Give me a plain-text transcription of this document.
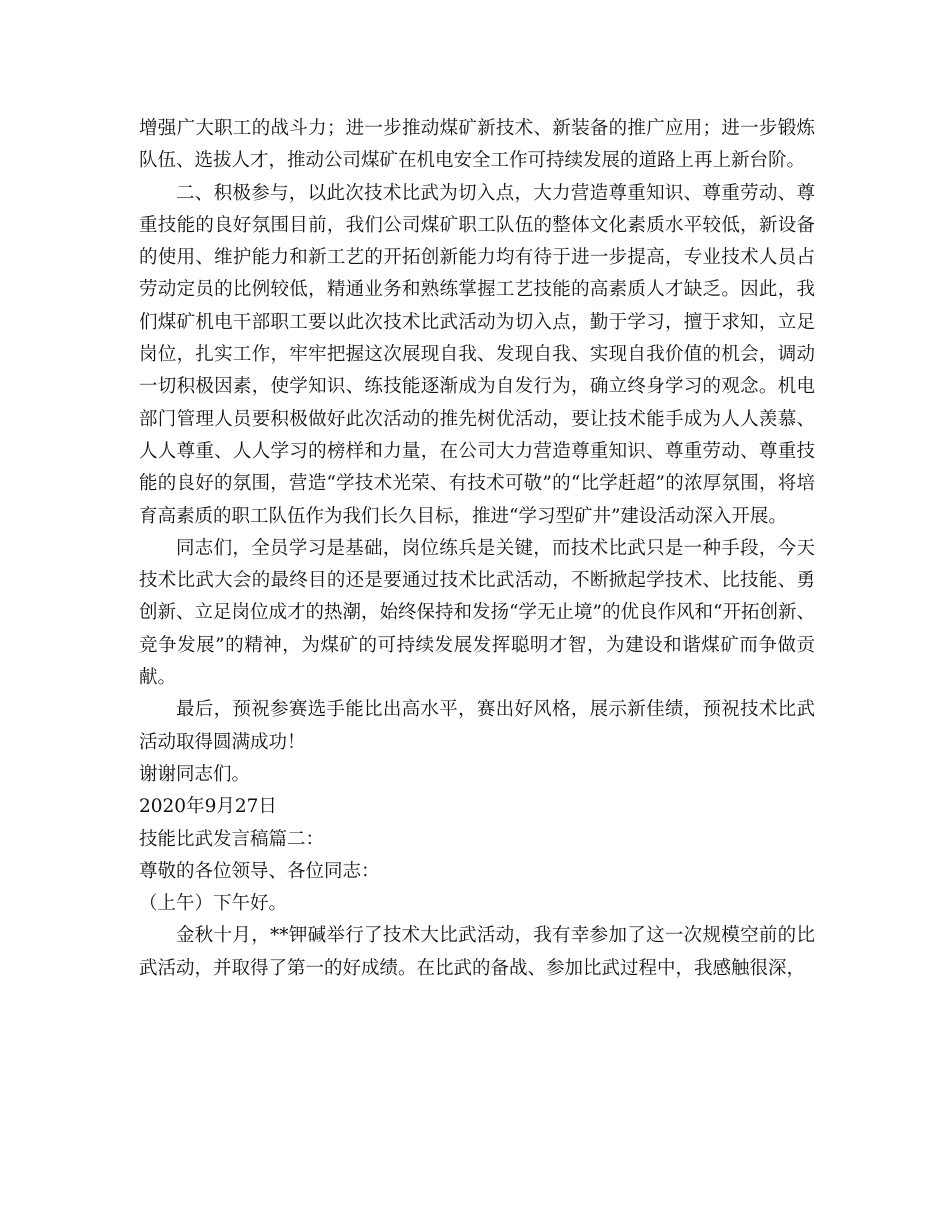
增强广大职工的战斗力；进一步推动煤矿新技术、新装备的推广应用；进一步锻炼队伍、选拔人才，推动公司煤矿在机电安全工作可持续发展的道路上再上新台阶。

二、积极参与，以此次技术比武为切入点，大力营造尊重知识、尊重劳动、尊重技能的良好氛围目前，我们公司煤矿职工队伍的整体文化素质水平较低，新设备的使用、维护能力和新工艺的开拓创新能力均有待于进一步提高，专业技术人员占劳动定员的比例较低，精通业务和熟练掌握工艺技能的高素质人才缺乏。因此，我们煤矿机电干部职工要以此次技术比武活动为切入点，勤于学习，擅于求知，立足岗位，扎实工作，牢牢把握这次展现自我、发现自我、实现自我价值的机会，调动一切积极因素，使学知识、练技能逐渐成为自发行为，确立终身学习的观念。机电部门管理人员要积极做好此次活动的推先树优活动，要让技术能手成为人人羡慕、人人尊重、人人学习的榜样和力量，在公司大力营造尊重知识、尊重劳动、尊重技能的良好的氛围，营造“学技术光荣、有技术可敬”的“比学赶超”的浓厚氛围，将培育高素质的职工队伍作为我们长久目标，推进“学习型矿井”建设活动深入开展。

同志们，全员学习是基础，岗位练兵是关键，而技术比武只是一种手段，今天技术比武大会的最终目的还是要通过技术比武活动，不断掀起学技术、比技能、勇创新、立足岗位成才的热潮，始终保持和发扬“学无止境”的优良作风和“开拓创新、竞争发展”的精神，为煤矿的可持续发展发挥聪明才智，为建设和谐煤矿而争做贡献。

最后，预祝参赛选手能比出高水平，赛出好风格，展示新佳绩，预祝技术比武活动取得圆满成功！

谢谢同志们。

2020年9月27日

技能比武发言稿篇二：

尊敬的各位领导、各位同志：

（上午）下午好。

金秋十月，**钾碱举行了技术大比武活动，我有幸参加了这一次规模空前的比武活动，并取得了第一的好成绩。在比武的备战、参加比武过程中，我感触很深，
